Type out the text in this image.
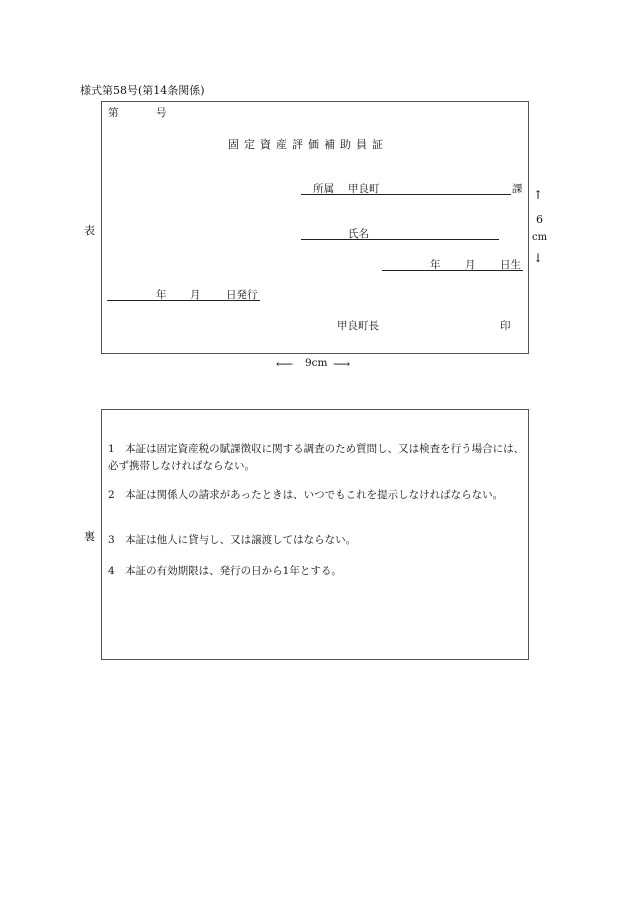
様式第58号(第14条関係)
表
第	号
固定資産評価補助員証
所属 甲良町	課
氏名
年 月 日生
年 月 日発行
甲良町長	印
↑
6
cm
↓
⟵ 9cm ⟶
裏
1　本証は固定資産税の賦課徴収に関する調査のため質問し、又は検査を行う場合には、必ず携帯しなければならない。
2　本証は関係人の請求があったときは、いつでもこれを提示しなければならない。
3　本証は他人に貸与し、又は譲渡してはならない。
4　本証の有効期限は、発行の日から1年とする。
